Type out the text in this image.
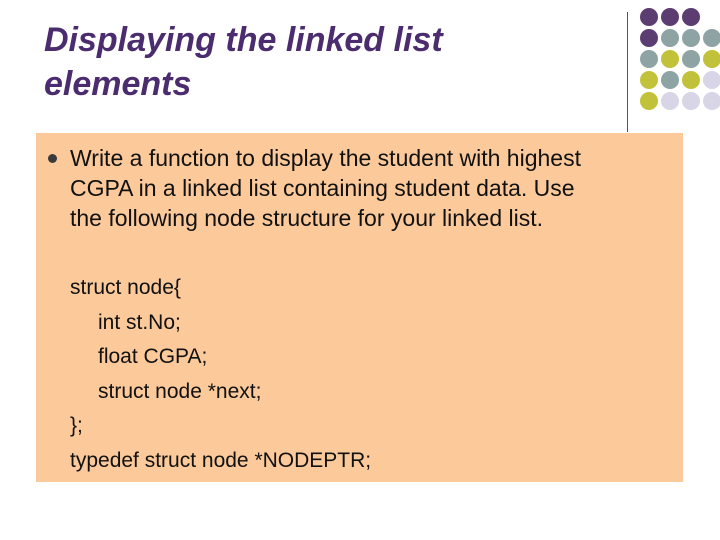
Displaying the linked list
elements
Write a function to display the student with highest
CGPA in a linked list containing student data. Use
the following node structure for your linked list.
struct node{
int st.No;
float CGPA;
struct node *next;
};
typedef struct node *NODEPTR;
